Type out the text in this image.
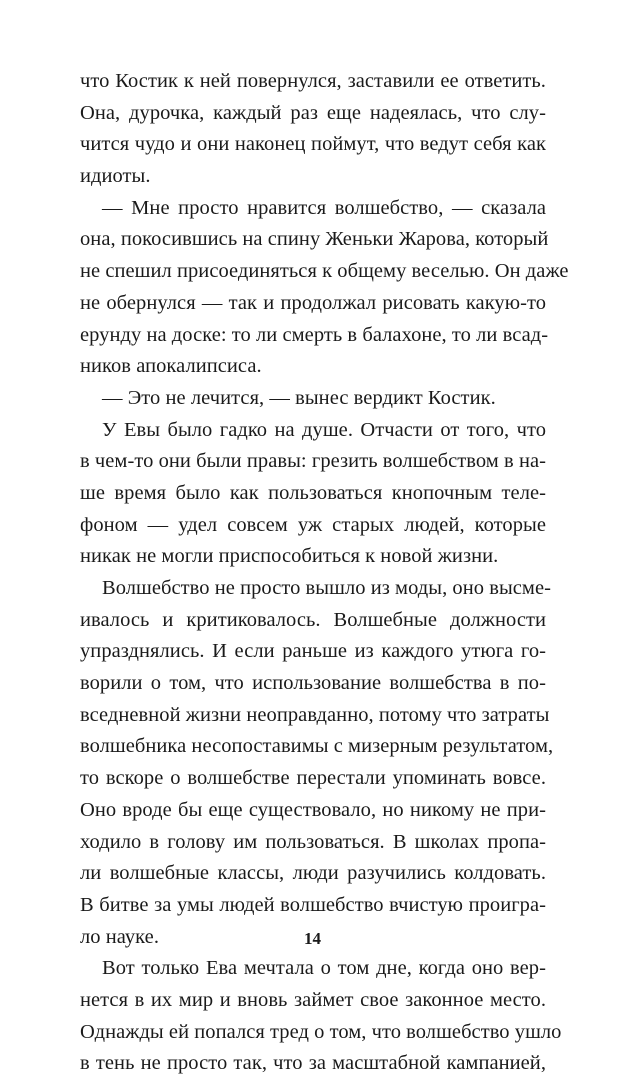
что Костик к ней повернулся, заставили ее ответить.
Она, дурочка, каждый раз еще надеялась, что слу-
чится чудо и они наконец поймут, что ведут себя как
идиоты.
— Мне просто нравится волшебство, — сказала
она, покосившись на спину Женьки Жарова, который
не спешил присоединяться к общему веселью. Он даже
не обернулся — так и продолжал рисовать какую-то
ерунду на доске: то ли смерть в балахоне, то ли всад-
ников апокалипсиса.
— Это не лечится, — вынес вердикт Костик.
У Евы было гадко на душе. Отчасти от того, что
в чем-то они были правы: грезить волшебством в на-
ше время было как пользоваться кнопочным теле-
фоном — удел совсем уж старых людей, которые
никак не могли приспособиться к новой жизни.
Волшебство не просто вышло из моды, оно высме-
ивалось и критиковалось. Волшебные должности
упразднялись. И если раньше из каждого утюга го-
ворили о том, что использование волшебства в по-
вседневной жизни неоправданно, потому что затраты
волшебника несопоставимы с мизерным результатом,
то вскоре о волшебстве перестали упоминать вовсе.
Оно вроде бы еще существовало, но никому не при-
ходило в голову им пользоваться. В школах пропа-
ли волшебные классы, люди разучились колдовать.
В битве за умы людей волшебство вчистую проигра-
ло науке.
Вот только Ева мечтала о том дне, когда оно вер-
нется в их мир и вновь займет свое законное место.
Однажды ей попался тред о том, что волшебство ушло
в тень не просто так, что за масштабной кампанией,
14
